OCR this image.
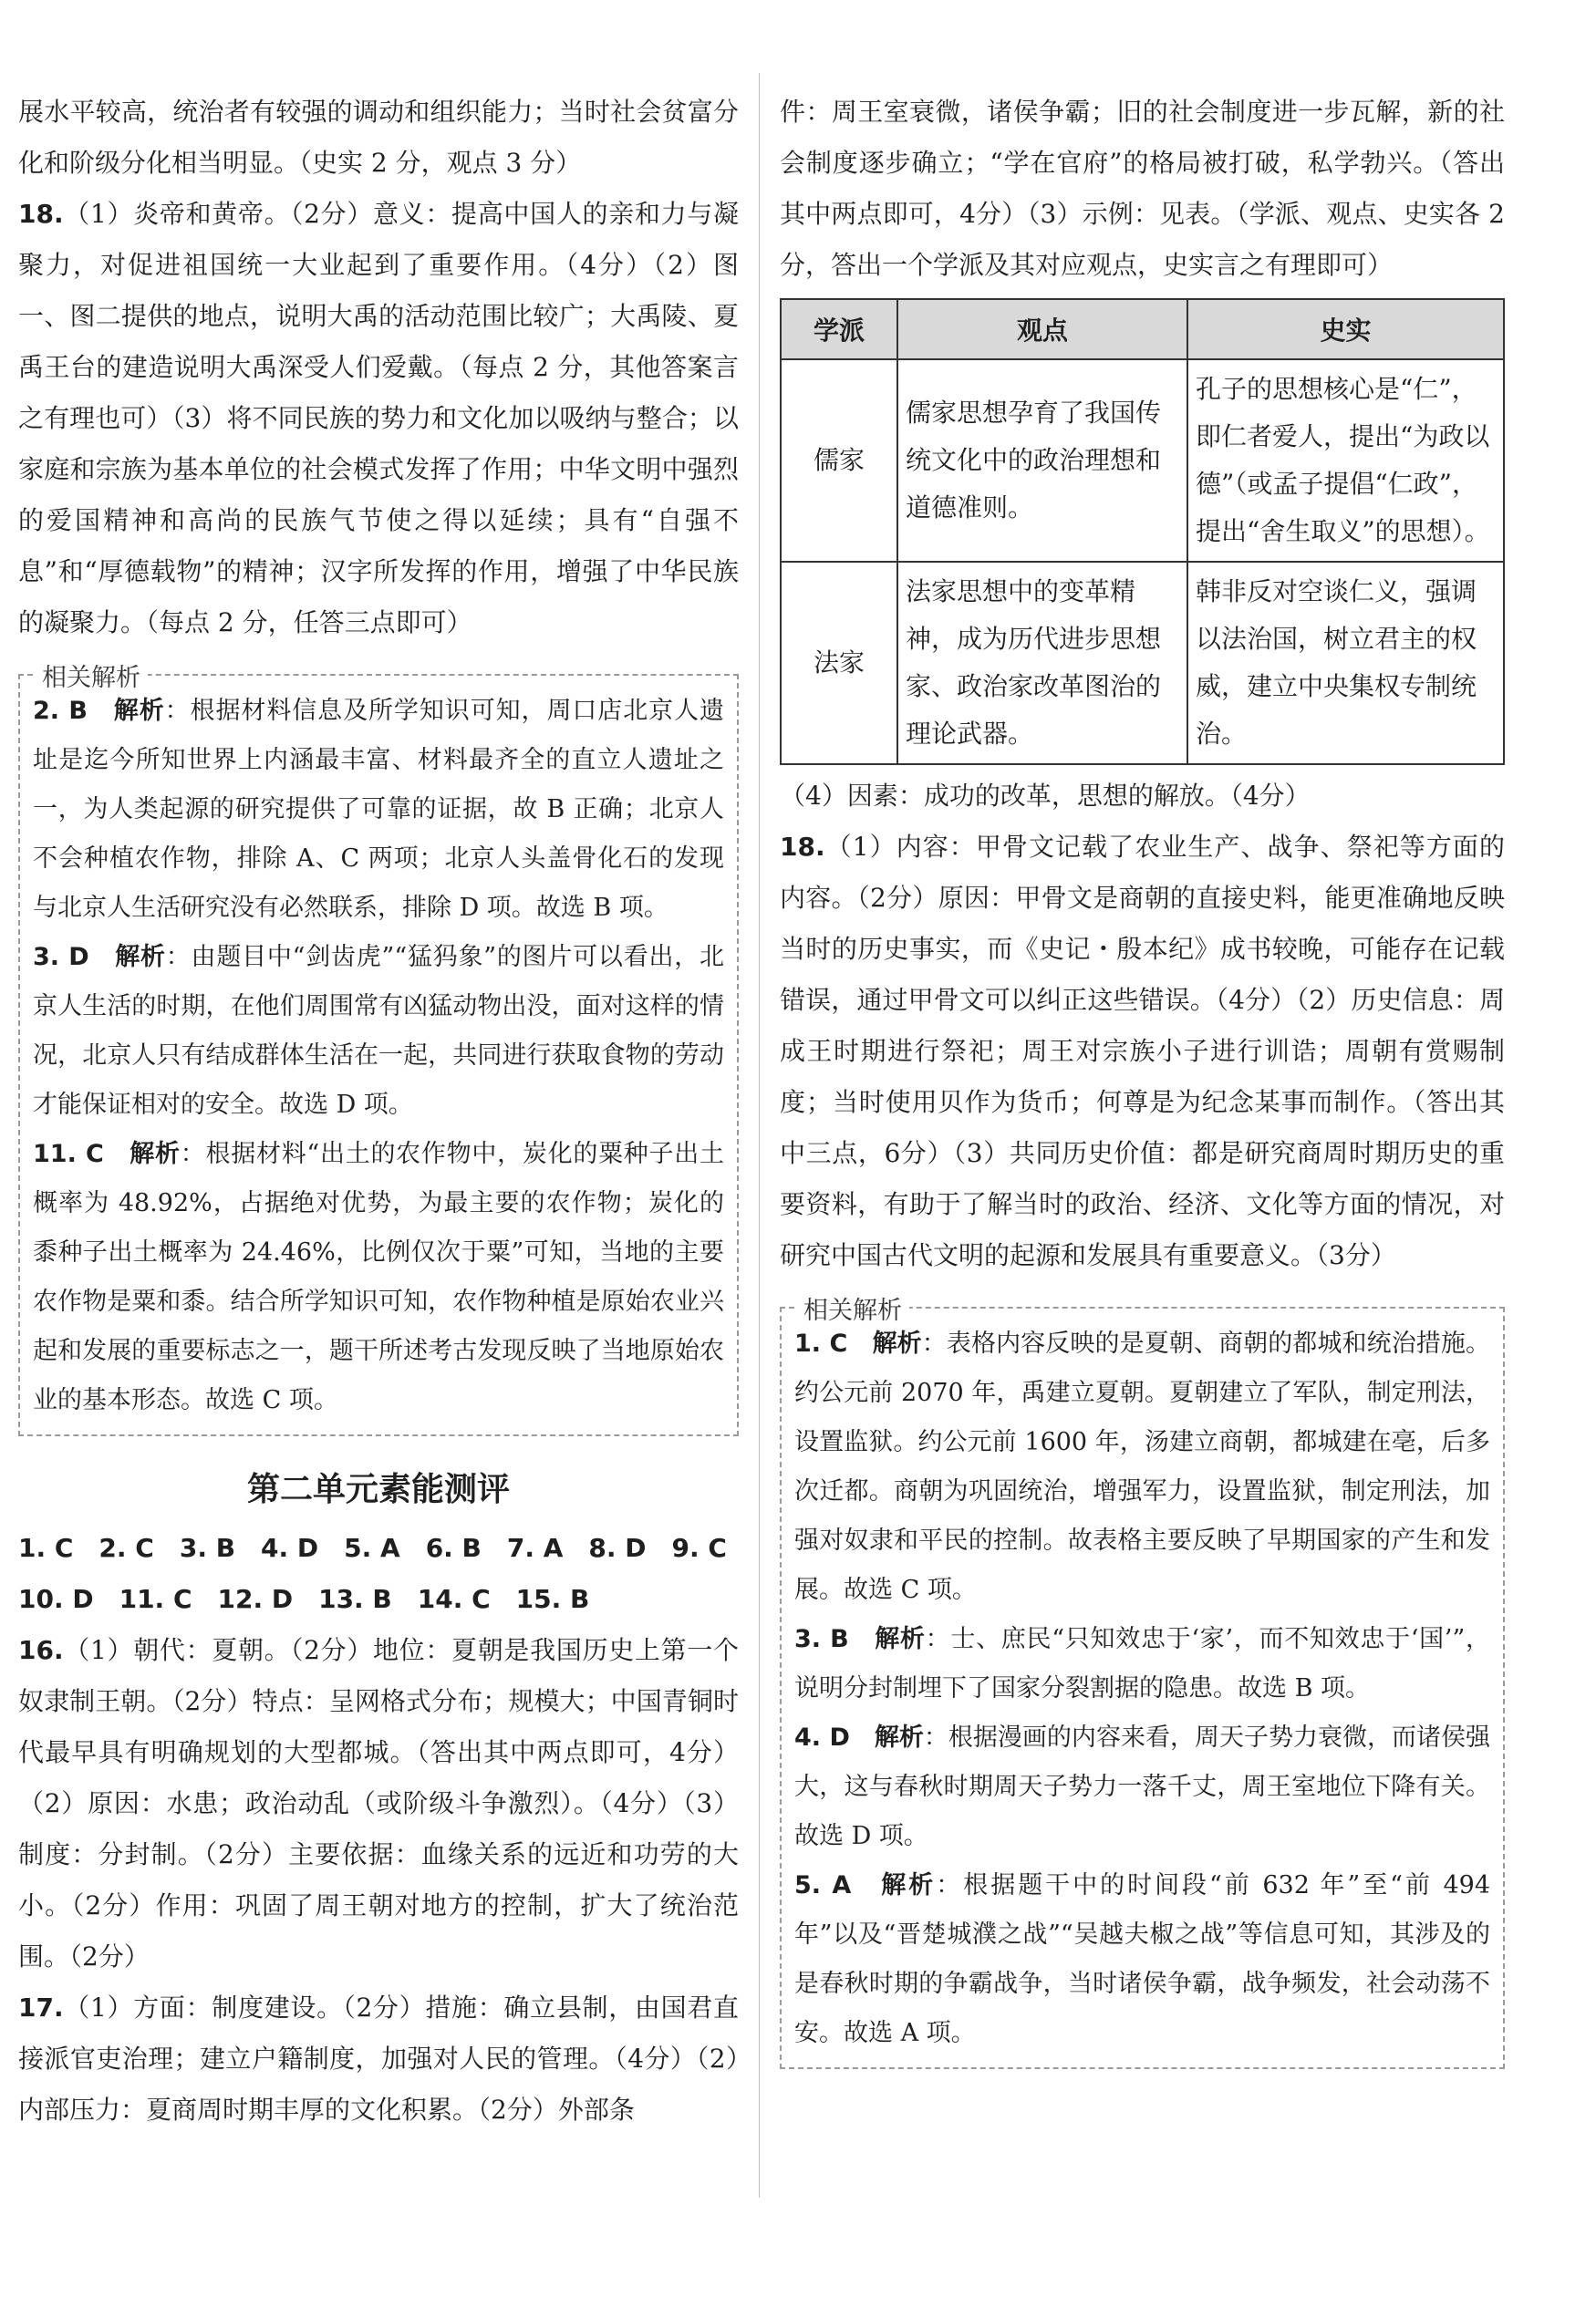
展水平较高，统治者有较强的调动和组织能力；当时社会贫富分化和阶级分化相当明显。（史实 2 分，观点 3 分）

18.（1）炎帝和黄帝。（2分）意义：提高中国人的亲和力与凝聚力，对促进祖国统一大业起到了重要作用。（4分）（2）图一、图二提供的地点，说明大禹的活动范围比较广；大禹陵、夏禹王台的建造说明大禹深受人们爱戴。（每点 2 分，其他答案言之有理也可）（3）将不同民族的势力和文化加以吸纳与整合；以家庭和宗族为基本单位的社会模式发挥了作用；中华文明中强烈的爱国精神和高尚的民族气节使之得以延续；具有“自强不息”和“厚德载物”的精神；汉字所发挥的作用，增强了中华民族的凝聚力。（每点 2 分，任答三点即可）

相关解析

2. B　 解析：根据材料信息及所学知识可知，周口店北京人遗址是迄今所知世界上内涵最丰富、材料最齐全的直立人遗址之一，为人类起源的研究提供了可靠的证据，故 B 正确；北京人不会种植农作物，排除 A、C 两项；北京人头盖骨化石的发现与北京人生活研究没有必然联系，排除 D 项。故选 B 项。

3. D　 解析：由题目中“剑齿虎”“猛犸象”的图片可以看出，北京人生活的时期，在他们周围常有凶猛动物出没，面对这样的情况，北京人只有结成群体生活在一起，共同进行获取食物的劳动才能保证相对的安全。故选 D 项。

11. C　 解析：根据材料“出土的农作物中，炭化的粟种子出土概率为 48.92%，占据绝对优势，为最主要的农作物；炭化的黍种子出土概率为 24.46%，比例仅次于粟”可知，当地的主要农作物是粟和黍。结合所学知识可知，农作物种植是原始农业兴起和发展的重要标志之一，题干所述考古发现反映了当地原始农业的基本形态。故选 C 项。

第二单元素能测评

1. C　2. C　3. B　4. D　5. A　6. B　7. A　8. D　9. C

10. D　11. C　12. D　13. B　14. C　15. B

16.（1）朝代：夏朝。（2分）地位：夏朝是我国历史上第一个奴隶制王朝。（2分）特点：呈网格式分布；规模大；中国青铜时代最早具有明确规划的大型都城。（答出其中两点即可，4分）（2）原因：水患；政治动乱（或阶级斗争激烈）。（4分）（3）制度：分封制。（2分）主要依据：血缘关系的远近和功劳的大小。（2分）作用：巩固了周王朝对地方的控制，扩大了统治范围。（2分）

17.（1）方面：制度建设。（2分）措施：确立县制，由国君直接派官吏治理；建立户籍制度，加强对人民的管理。（4分）（2）内部压力：夏商周时期丰厚的文化积累。（2分）外部条

件：周王室衰微，诸侯争霸；旧的社会制度进一步瓦解，新的社会制度逐步确立；“学在官府”的格局被打破，私学勃兴。（答出其中两点即可，4分）（3）示例：见表。（学派、观点、史实各 2 分，答出一个学派及其对应观点，史实言之有理即可）

学派	观点	史实
儒家	儒家思想孕育了我国传统文化中的政治理想和道德准则。	孔子的思想核心是“仁”，即仁者爱人，提出“为政以德”（或孟子提倡“仁政”，提出“舍生取义”的思想）。
法家	法家思想中的变革精神，成为历代进步思想家、政治家改革图治的理论武器。	韩非反对空谈仁义，强调以法治国，树立君主的权威，建立中央集权专制统治。

（4）因素：成功的改革，思想的解放。（4分）

18.（1）内容：甲骨文记载了农业生产、战争、祭祀等方面的内容。（2分）原因：甲骨文是商朝的直接史料，能更准确地反映当时的历史事实，而《史记・殷本纪》成书较晚，可能存在记载错误，通过甲骨文可以纠正这些错误。（4分）（2）历史信息：周成王时期进行祭祀；周王对宗族小子进行训诰；周朝有赏赐制度；当时使用贝作为货币；何尊是为纪念某事而制作。（答出其中三点，6分）（3）共同历史价值：都是研究商周时期历史的重要资料，有助于了解当时的政治、经济、文化等方面的情况，对研究中国古代文明的起源和发展具有重要意义。（3分）

相关解析

1. C　 解析：表格内容反映的是夏朝、商朝的都城和统治措施。约公元前 2070 年，禹建立夏朝。夏朝建立了军队，制定刑法，设置监狱。约公元前 1600 年，汤建立商朝，都城建在亳，后多次迁都。商朝为巩固统治，增强军力，设置监狱，制定刑法，加强对奴隶和平民的控制。故表格主要反映了早期国家的产生和发展。故选 C 项。

3. B　 解析：士、庶民“只知效忠于‘家’，而不知效忠于‘国’”，说明分封制埋下了国家分裂割据的隐患。故选 B 项。

4. D　 解析：根据漫画的内容来看，周天子势力衰微，而诸侯强大，这与春秋时期周天子势力一落千丈，周王室地位下降有关。故选 D 项。

5. A　 解析：根据题干中的时间段“前 632 年”至“前 494 年”以及“晋楚城濮之战”“吴越夫椒之战”等信息可知，其涉及的是春秋时期的争霸战争，当时诸侯争霸，战争频发，社会动荡不安。故选 A 项。
